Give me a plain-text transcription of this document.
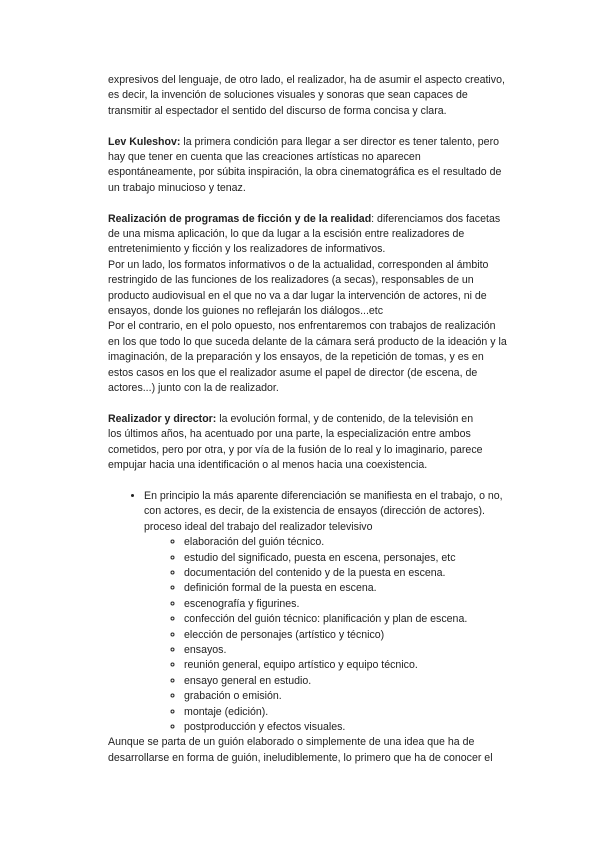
expresivos del lenguaje, de otro lado, el realizador, ha de asumir el aspecto creativo,

es decir, la invención de soluciones visuales y sonoras que sean capaces de

transmitir al espectador el sentido del discurso de forma concisa y clara.

Lev Kuleshov: la primera condición para llegar a ser director es tener talento, pero

hay que tener en cuenta que las creaciones artísticas no aparecen

espontáneamente, por súbita inspiración, la obra cinematográfica es el resultado de

un trabajo minucioso y tenaz.

Realización de programas de ficción y de la realidad: diferenciamos dos facetas

de una misma aplicación, lo que da lugar a la escisión entre realizadores de

entretenimiento y ficción y los realizadores de informativos.

Por un lado, los formatos informativos o de la actualidad, corresponden al ámbito

restringido de las funciones de los realizadores (a secas), responsables de un

producto audiovisual en el que no va a dar lugar la intervención de actores, ni de

ensayos, donde los guiones no reflejarán los diálogos...etc

Por el contrario, en el polo opuesto, nos enfrentaremos con trabajos de realización

en los que todo lo que suceda delante de la cámara será producto de la ideación y la

imaginación, de la preparación y los ensayos, de la repetición de tomas, y es en

estos casos en los que el realizador asume el papel de director (de escena, de

actores...) junto con la de realizador.

Realizador y director: la evolución formal, y de contenido, de la televisión en

los últimos años, ha acentuado por una parte, la especialización entre ambos

cometidos, pero por otra, y por vía de la fusión de lo real y lo imaginario, parece

empujar hacia una identificación o al menos hacia una coexistencia.

• En principio la más aparente diferenciación se manifiesta en el trabajo, o no,

con actores, es decir, de la existencia de ensayos (dirección de actores).

proceso ideal del trabajo del realizador televisivo

◦ elaboración del guión técnico.
◦ estudio del significado, puesta en escena, personajes, etc
◦ documentación del contenido y de la puesta en escena.
◦ definición formal de la puesta en escena.
◦ escenografía y figurines.
◦ confección del guión técnico: planificación y plan de escena.
◦ elección de personajes (artístico y técnico)
◦ ensayos.
◦ reunión general, equipo artístico y equipo técnico.
◦ ensayo general en estudio.
◦ grabación o emisión.
◦ montaje (edición).
◦ postproducción y efectos visuales.

Aunque se parta de un guión elaborado o simplemente de una idea que ha de

desarrollarse en forma de guión, ineludiblemente, lo primero que ha de conocer el
